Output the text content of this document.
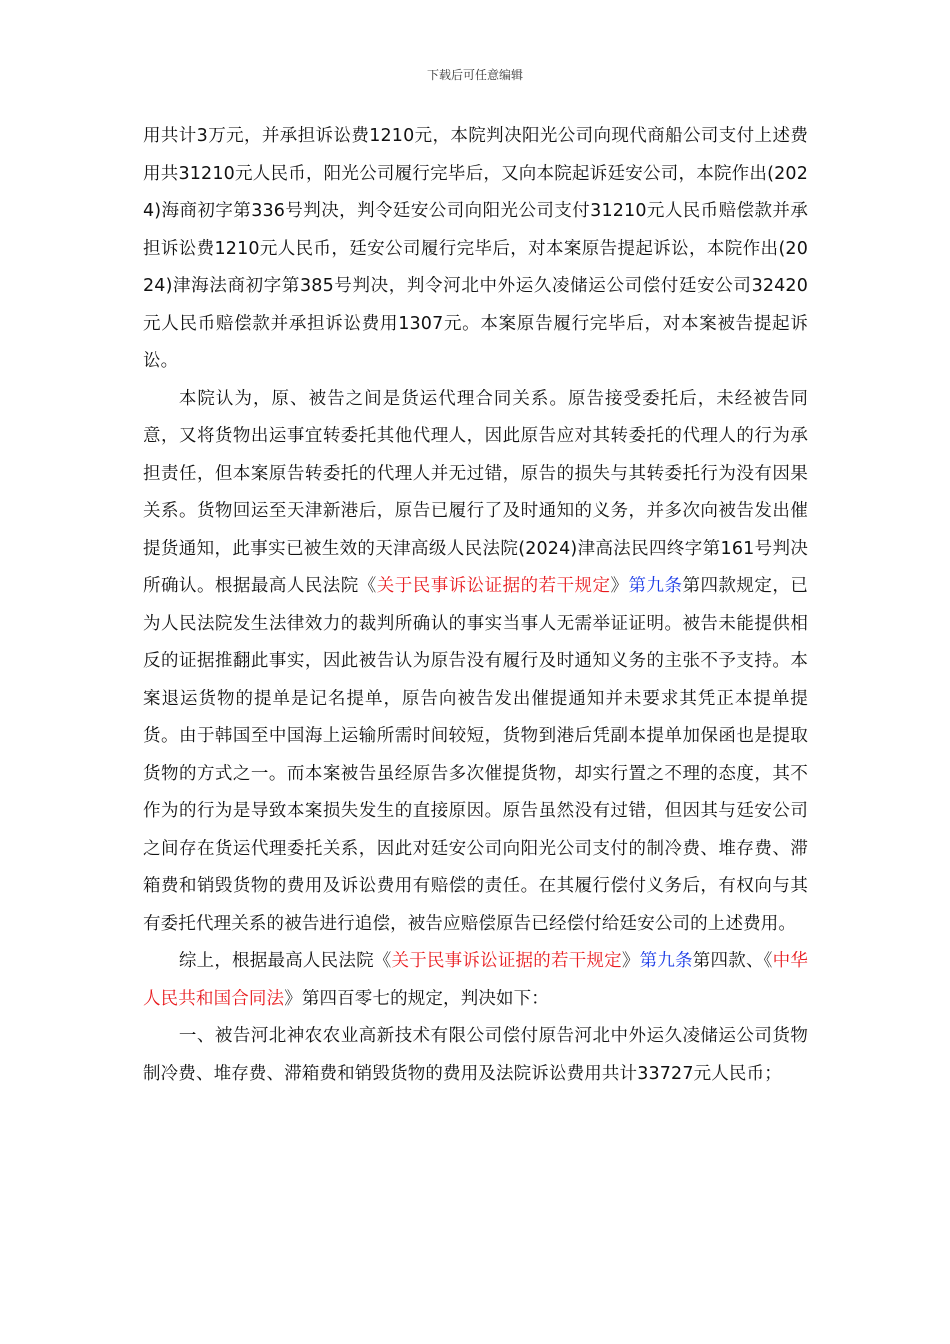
下载后可任意编辑

用共计3万元，并承担诉讼费1210元，本院判决阳光公司向现代商船公司支付上述费用共31210元人民币，阳光公司履行完毕后，又向本院起诉廷安公司，本院作出(2024)海商初字第336号判决，判令廷安公司向阳光公司支付31210元人民币赔偿款并承担诉讼费1210元人民币，廷安公司履行完毕后，对本案原告提起诉讼，本院作出(2024)津海法商初字第385号判决，判令河北中外运久凌储运公司偿付廷安公司32420元人民币赔偿款并承担诉讼费用1307元。本案原告履行完毕后，对本案被告提起诉讼。

本院认为，原、被告之间是货运代理合同关系。原告接受委托后，未经被告同意，又将货物出运事宜转委托其他代理人，因此原告应对其转委托的代理人的行为承担责任，但本案原告转委托的代理人并无过错，原告的损失与其转委托行为没有因果关系。货物回运至天津新港后，原告已履行了及时通知的义务，并多次向被告发出催提货通知，此事实已被生效的天津高级人民法院(2024)津高法民四终字第161号判决所确认。根据最高人民法院《关于民事诉讼证据的若干规定》第九条第四款规定，已为人民法院发生法律效力的裁判所确认的事实当事人无需举证证明。被告未能提供相反的证据推翻此事实，因此被告认为原告没有履行及时通知义务的主张不予支持。本案退运货物的提单是记名提单，原告向被告发出催提通知并未要求其凭正本提单提货。由于韩国至中国海上运输所需时间较短，货物到港后凭副本提单加保函也是提取货物的方式之一。而本案被告虽经原告多次催提货物，却实行置之不理的态度，其不作为的行为是导致本案损失发生的直接原因。原告虽然没有过错，但因其与廷安公司之间存在货运代理委托关系，因此对廷安公司向阳光公司支付的制冷费、堆存费、滞箱费和销毁货物的费用及诉讼费用有赔偿的责任。在其履行偿付义务后，有权向与其有委托代理关系的被告进行追偿，被告应赔偿原告已经偿付给廷安公司的上述费用。

综上，根据最高人民法院《关于民事诉讼证据的若干规定》第九条第四款、《中华人民共和国合同法》第四百零七的规定，判决如下：

一、被告河北神农农业高新技术有限公司偿付原告河北中外运久凌储运公司货物制冷费、堆存费、滞箱费和销毁货物的费用及法院诉讼费用共计33727元人民币；
